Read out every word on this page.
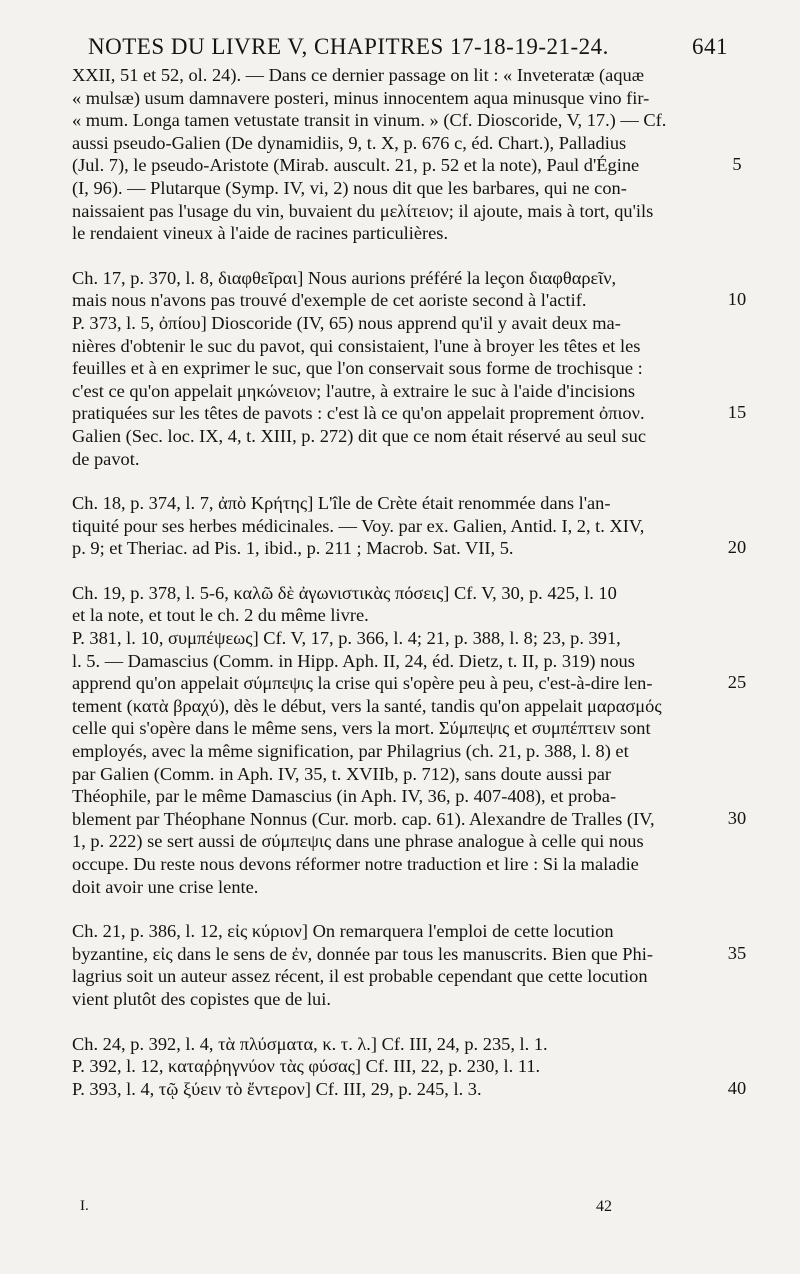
NOTES DU LIVRE V, CHAPITRES 17-18-19-21-24.	641
XXII, 51 et 52, ol. 24). — Dans ce dernier passage on lit : « Inveteratæ (aquæ
« mulsæ) usum damnavere posteri, minus innocentem aqua minusque vino fir-
« mum. Longa tamen vetustate transit in vinum. » (Cf. Dioscoride, V, 17.) — Cf.
aussi pseudo-Galien (De dynamidiis, 9, t. X, p. 676 c, éd. Chart.), Palladius
(Jul. 7), le pseudo-Aristote (Mirab. auscult. 21, p. 52 et la note), Paul d'Égine
(I, 96). — Plutarque (Symp. IV, vi, 2) nous dit que les barbares, qui ne con-
naissaient pas l'usage du vin, buvaient du μελίτειον; il ajoute, mais à tort, qu'ils
le rendaient vineux à l'aide de racines particulières.
Ch. 17, p. 370, l. 8, διαφθεῖραι] Nous aurions préféré la leçon διαφθαρεῖν,
mais nous n'avons pas trouvé d'exemple de cet aoriste second à l'actif.
P. 373, l. 5, ὀπίου] Dioscoride (IV, 65) nous apprend qu'il y avait deux ma-
nières d'obtenir le suc du pavot, qui consistaient, l'une à broyer les têtes et les
feuilles et à en exprimer le suc, que l'on conservait sous forme de trochisque :
c'est ce qu'on appelait μηκώνειον; l'autre, à extraire le suc à l'aide d'incisions
pratiquées sur les têtes de pavots : c'est là ce qu'on appelait proprement ὀπιον.
Galien (Sec. loc. IX, 4, t. XIII, p. 272) dit que ce nom était réservé au seul suc
de pavot.
Ch. 18, p. 374, l. 7, ἀπὸ Κρήτης] L'île de Crète était renommée dans l'an-
tiquité pour ses herbes médicinales. — Voy. par ex. Galien, Antid. I, 2, t. XIV,
p. 9; et Theriac. ad Pis. 1, ibid., p. 211 ; Macrob. Sat. VII, 5.
Ch. 19, p. 378, l. 5-6, καλῶ δὲ ἀγωνιστικὰς πόσεις] Cf. V, 30, p. 425, l. 10
et la note, et tout le ch. 2 du même livre.
P. 381, l. 10, συμπέψεως] Cf. V, 17, p. 366, l. 4; 21, p. 388, l. 8; 23, p. 391,
l. 5. — Damascius (Comm. in Hipp. Aph. II, 24, éd. Dietz, t. II, p. 319) nous
apprend qu'on appelait σύμπεψις la crise qui s'opère peu à peu, c'est-à-dire len-
tement (κατὰ βραχύ), dès le début, vers la santé, tandis qu'on appelait μαρασμός
celle qui s'opère dans le même sens, vers la mort. Σύμπεψις et συμπέπτειν sont
employés, avec la même signification, par Philagrius (ch. 21, p. 388, l. 8) et
par Galien (Comm. in Aph. IV, 35, t. XVIIb, p. 712), sans doute aussi par
Théophile, par le même Damascius (in Aph. IV, 36, p. 407-408), et proba-
blement par Théophane Nonnus (Cur. morb. cap. 61). Alexandre de Tralles (IV,
1, p. 222) se sert aussi de σύμπεψις dans une phrase analogue à celle qui nous
occupe. Du reste nous devons réformer notre traduction et lire : Si la maladie
doit avoir une crise lente.
Ch. 21, p. 386, l. 12, εἰς κύριον] On remarquera l'emploi de cette locution
byzantine, εἰς dans le sens de ἐν, donnée par tous les manuscrits. Bien que Phi-
lagrius soit un auteur assez récent, il est probable cependant que cette locution
vient plutôt des copistes que de lui.
Ch. 24, p. 392, l. 4, τὰ πλύσματα, κ. τ. λ.] Cf. III, 24, p. 235, l. 1.
P. 392, l. 12, καταῤῥηγνύον τὰς φύσας] Cf. III, 22, p. 230, l. 11.
P. 393, l. 4, τῷ ξύειν τὸ ἔντερον] Cf. III, 29, p. 245, l. 3.
5
10
15
20
25
30
35
40
I.	42
